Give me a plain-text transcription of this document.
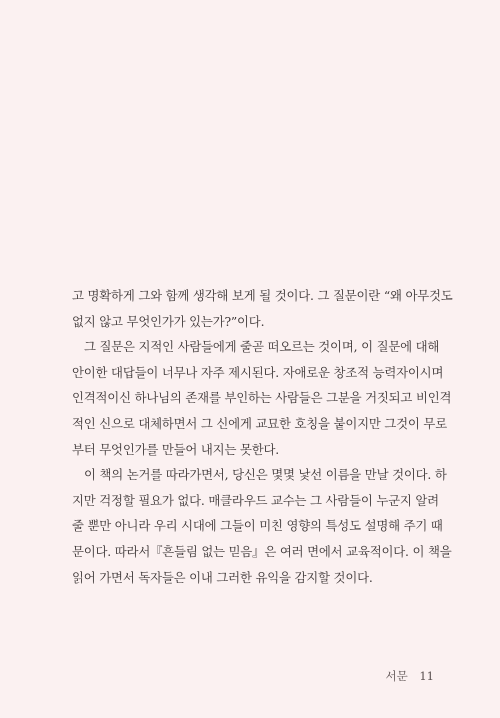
고 명확하게 그와 함께 생각해 보게 될 것이다. 그 질문이란 “왜 아무것도
없지 않고 무엇인가가 있는가?”이다.
그 질문은 지적인 사람들에게 줄곧 떠오르는 것이며, 이 질문에 대해
안이한 대답들이 너무나 자주 제시된다. 자애로운 창조적 능력자이시며
인격적이신 하나님의 존재를 부인하는 사람들은 그분을 거짓되고 비인격
적인 신으로 대체하면서 그 신에게 교묘한 호칭을 붙이지만 그것이 무로
부터 무엇인가를 만들어 내지는 못한다.
이 책의 논거를 따라가면서, 당신은 몇몇 낯선 이름을 만날 것이다. 하
지만 걱정할 필요가 없다. 매클라우드 교수는 그 사람들이 누군지 알려
줄 뿐만 아니라 우리 시대에 그들이 미친 영향의 특성도 설명해 주기 때
문이다. 따라서『흔들림 없는 믿음』은 여러 면에서 교육적이다. 이 책을
읽어 가면서 독자들은 이내 그러한 유익을 감지할 것이다.
서문 11
